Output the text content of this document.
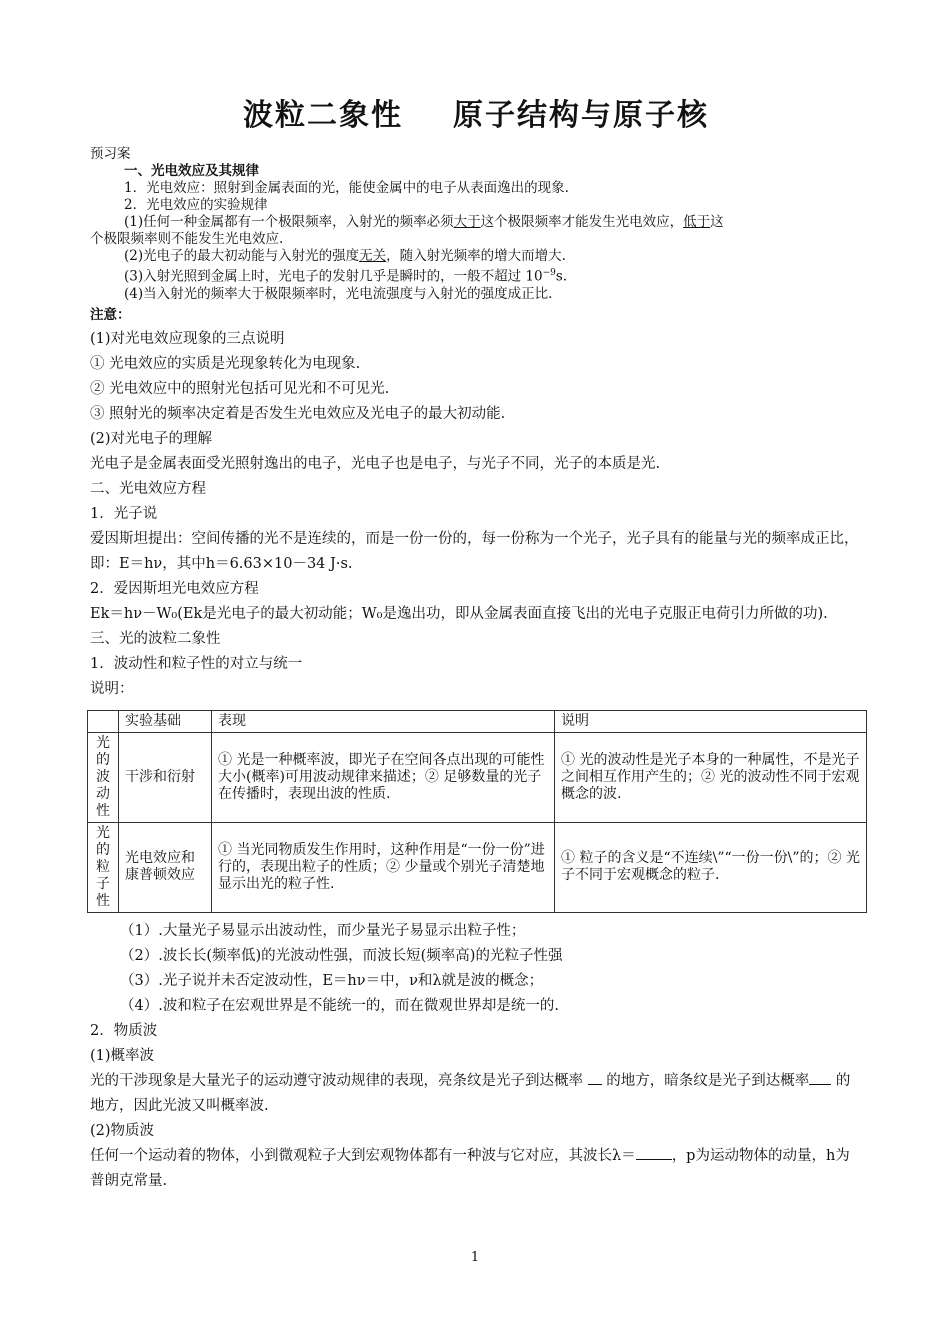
波粒二象性 原子结构与原子核
预习案
一、光电效应及其规律
1．光电效应：照射到金属表面的光，能使金属中的电子从表面逸出的现象.
2．光电效应的实验规律
(1)任何一种金属都有一个极限频率，入射光的频率必须大于这个极限频率才能发生光电效应，低于这
个极限频率则不能发生光电效应.
(2)光电子的最大初动能与入射光的强度无关，随入射光频率的增大而增大.
(3)入射光照到金属上时，光电子的发射几乎是瞬时的，一般不超过 $10^{-9}s$.
(4)当入射光的频率大于极限频率时，光电流强度与入射光的强度成正比.
注意：
(1)对光电效应现象的三点说明
① 光电效应的实质是光现象转化为电现象.
② 光电效应中的照射光包括可见光和不可见光.
③ 照射光的频率决定着是否发生光电效应及光电子的最大初动能.
(2)对光电子的理解
光电子是金属表面受光照射逸出的电子，光电子也是电子，与光子不同，光子的本质是光.
二、光电效应方程
1．光子说
爱因斯坦提出：空间传播的光不是连续的，而是一份一份的，每一份称为一个光子，光子具有的能量与光的频率成正比，即：E＝hν，其中h＝6.63×10－34 J·s.
2．爱因斯坦光电效应方程
Ek＝hν－W₀(Ek是光电子的最大初动能；W₀是逸出功，即从金属表面直接飞出的光电子克服正电荷引力所做的功).
三、光的波粒二象性
1．波动性和粒子性的对立与统一
说明：
	实验基础	表现	说明
光的波动性	干涉和衍射	① 光是一种概率波，即光子在空间各点出现的可能性大小(概率)可用波动规律来描述；② 足够数量的光子在传播时，表现出波的性质.	① 光的波动性是光子本身的一种属性，不是光子之间相互作用产生的；② 光的波动性不同于宏观概念的波.
光的粒子性	光电效应和康普顿效应	① 当光同物质发生作用时，这种作用是“一份一份”进行的，表现出粒子的性质；② 少量或个别光子清楚地显示出光的粒子性.	① 粒子的含义是“不连续\”“一份一份\”的；② 光子不同于宏观概念的粒子.
（1）.大量光子易显示出波动性，而少量光子易显示出粒子性；
（2）.波长长(频率低)的光波动性强，而波长短(频率高)的光粒子性强
（3）.光子说并未否定波动性，E＝hν＝中，ν和λ就是波的概念；
（4）.波和粒子在宏观世界是不能统一的，而在微观世界却是统一的.
2．物质波
(1)概率波
光的干涉现象是大量光子的运动遵守波动规律的表现，亮条纹是光子到达概率 的地方，暗条纹是光子到达概率 的地方，因此光波又叫概率波.
(2)物质波
任何一个运动着的物体，小到微观粒子大到宏观物体都有一种波与它对应，其波长λ＝ ，p为运动物体的动量，h为普朗克常量.
1
